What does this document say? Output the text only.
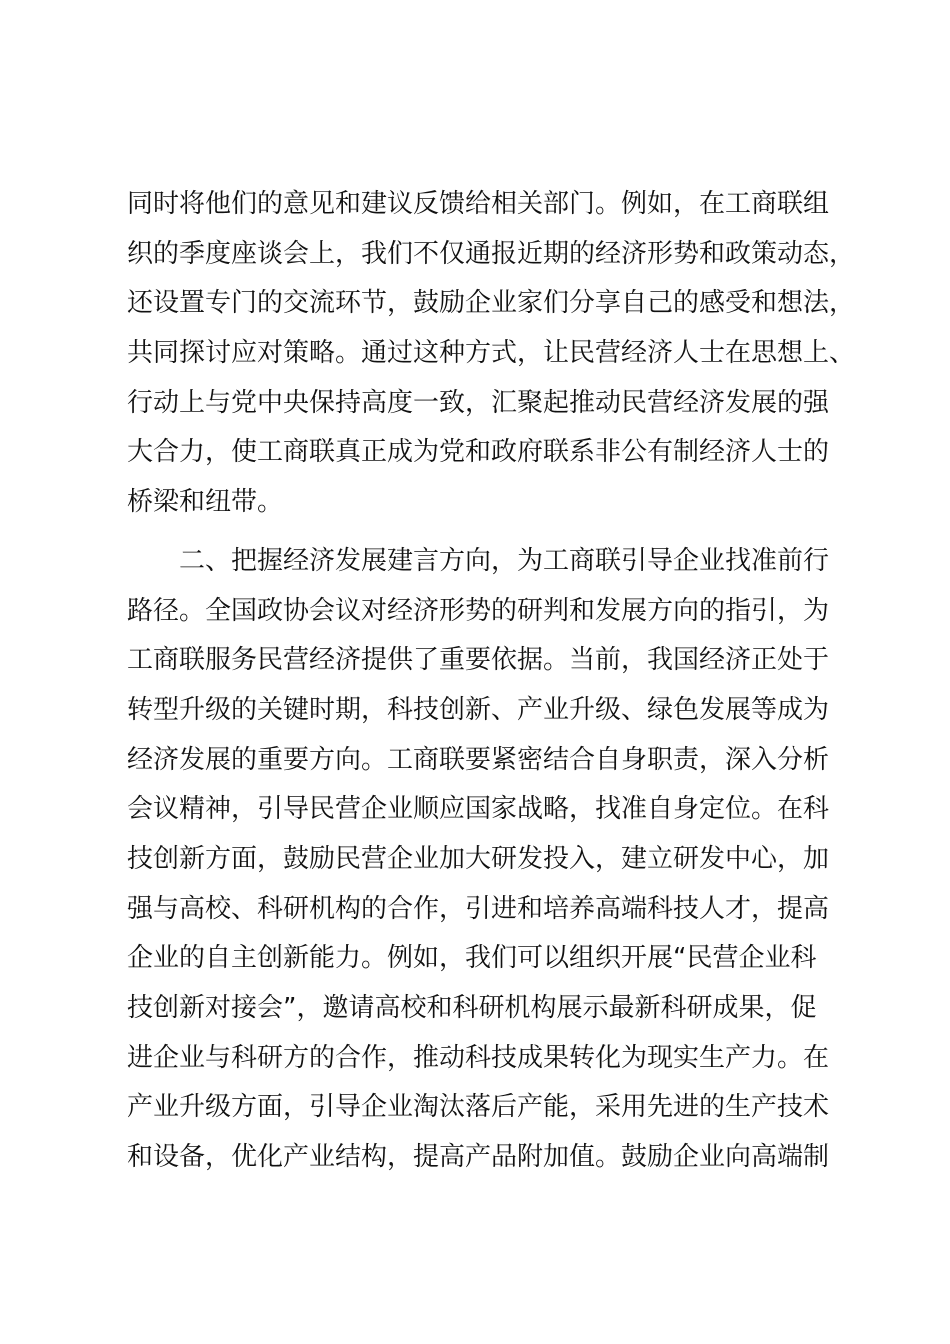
同时将他们的意见和建议反馈给相关部门。例如，在工商联组
织的季度座谈会上，我们不仅通报近期的经济形势和政策动态，
还设置专门的交流环节，鼓励企业家们分享自己的感受和想法，
共同探讨应对策略。通过这种方式，让民营经济人士在思想上、
行动上与党中央保持高度一致，汇聚起推动民营经济发展的强
大合力，使工商联真正成为党和政府联系非公有制经济人士的
桥梁和纽带。
二、把握经济发展建言方向，为工商联引导企业找准前行
路径。全国政协会议对经济形势的研判和发展方向的指引，为
工商联服务民营经济提供了重要依据。当前，我国经济正处于
转型升级的关键时期，科技创新、产业升级、绿色发展等成为
经济发展的重要方向。工商联要紧密结合自身职责，深入分析
会议精神，引导民营企业顺应国家战略，找准自身定位。在科
技创新方面，鼓励民营企业加大研发投入，建立研发中心，加
强与高校、科研机构的合作，引进和培养高端科技人才，提高
企业的自主创新能力。例如，我们可以组织开展“民营企业科
技创新对接会”，邀请高校和科研机构展示最新科研成果，促
进企业与科研方的合作，推动科技成果转化为现实生产力。在
产业升级方面，引导企业淘汰落后产能，采用先进的生产技术
和设备，优化产业结构，提高产品附加值。鼓励企业向高端制
